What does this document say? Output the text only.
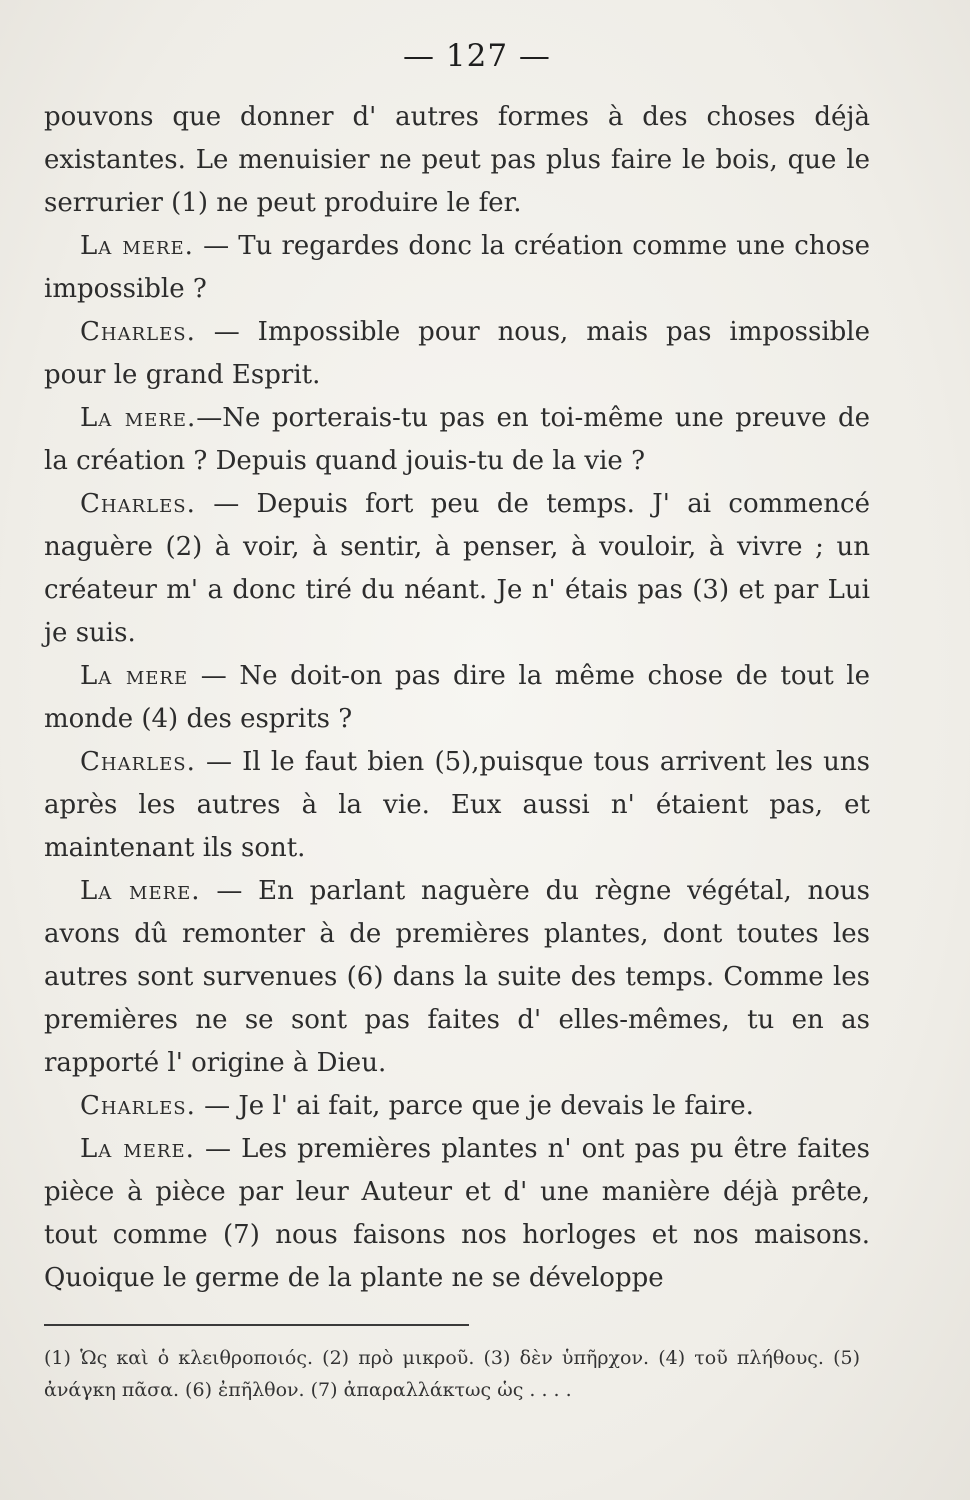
— 127 —

pouvons que donner d' autres formes à des choses déjà existantes. Le menuisier ne peut pas plus faire le bois, que le serrurier (1) ne peut produire le fer.

La mere. — Tu regardes donc la création comme une chose impossible ?

Charles. — Impossible pour nous, mais pas impossible pour le grand Esprit.

La mere.—Ne porterais-tu pas en toi-même une preuve de la création ? Depuis quand jouis-tu de la vie ?

Charles. — Depuis fort peu de temps. J' ai commencé naguère (2) à voir, à sentir, à penser, à vouloir, à vivre ; un créateur m' a donc tiré du néant. Je n' étais pas (3) et par Lui je suis.

La mere — Ne doit-on pas dire la même chose de tout le monde (4) des esprits ?

Charles. — Il le faut bien (5),puisque tous arrivent les uns après les autres à la vie. Eux aussi n' étaient pas, et maintenant ils sont.

La mere. — En parlant naguère du règne végétal, nous avons dû remonter à de premières plantes, dont toutes les autres sont survenues (6) dans la suite des temps. Comme les premières ne se sont pas faites d' elles-mêmes, tu en as rapporté l' origine à Dieu.

Charles. — Je l' ai fait, parce que je devais le faire.

La mere. — Les premières plantes n' ont pas pu être faites pièce à pièce par leur Auteur et d' une manière déjà prête, tout comme (7) nous faisons nos horloges et nos maisons. Quoique le germe de la plante ne se développe

(1) Ὡς καὶ ὁ κλειθροποιός. (2) πρὸ μικροῦ. (3) δὲν ὑπῆρχον. (4) τοῦ πλήθους. (5) ἀνάγκη πᾶσα. (6) ἐπῆλθον. (7) ἀπαραλλάκτως ὡς . . . .
